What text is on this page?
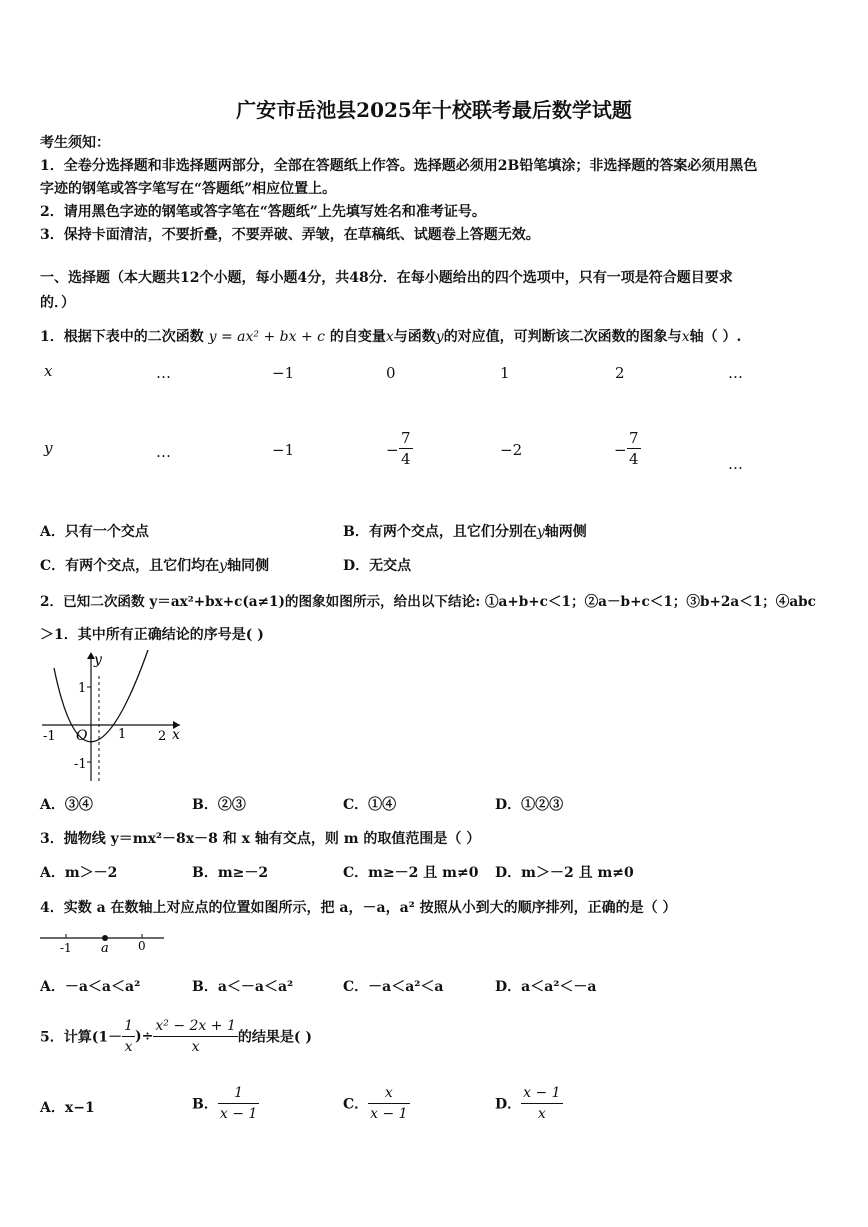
广安市岳池县2025年十校联考最后数学试题
考生须知：
1．全卷分选择题和非选择题两部分，全部在答题纸上作答。选择题必须用2B铅笔填涂；非选择题的答案必须用黑色
字迹的钢笔或答字笔写在“答题纸”相应位置上。
2．请用黑色字迹的钢笔或答字笔在“答题纸”上先填写姓名和准考证号。
3．保持卡面清洁，不要折叠，不要弄破、弄皱，在草稿纸、试题卷上答题无效。
一、选择题（本大题共12个小题，每小题4分，共48分．在每小题给出的四个选项中，只有一项是符合题目要求
的．）
1．根据下表中的二次函数 y = ax² + bx + c 的自变量x与函数y的对应值，可判断该二次函数的图象与x轴（ ）.
x	…	−1	0	1	2	…
y	…	−1	− $\frac{7}{4}$	−2	− $\frac{7}{4}$	…
A．只有一个交点	B．有两个交点，且它们分别在y轴两侧
C．有两个交点，且它们均在y轴同侧	D．无交点
2．已知二次函数 y＝ax²+bx+c(a≠1)的图象如图所示，给出以下结论: ①a+b+c＜1；②a－b+c＜1；③b+2a＜1；④abc
＞1．其中所有正确结论的序号是( )
y
x
O
-1	1 2
1
-1
A．③④	B．②③	C．①④	D．①②③
3．抛物线 y＝mx²－8x－8 和 x 轴有交点，则 m 的取值范围是（ ）
A．m＞－2	B．m≥－2	C．m≥－2 且 m≠0 D．m＞－2 且 m≠0
4．实数 a 在数轴上对应点的位置如图所示，把 a，－a，a² 按照从小到大的顺序排列，正确的是（ ）
-1 a 0
A．－a＜a＜a²	B．a＜－a＜a²	C．－a＜a²＜a	D．a＜a²＜－a
5．计算($1- \frac{1}{x}$ )÷ $\frac{\text{x² − 2x + 1}}{x}$ 的结果是( )
A．x−1	B． $\frac{1}{x - 1}$	C． $\frac{x}{x - 1}$	D． $\frac{x - 1}{x}$
